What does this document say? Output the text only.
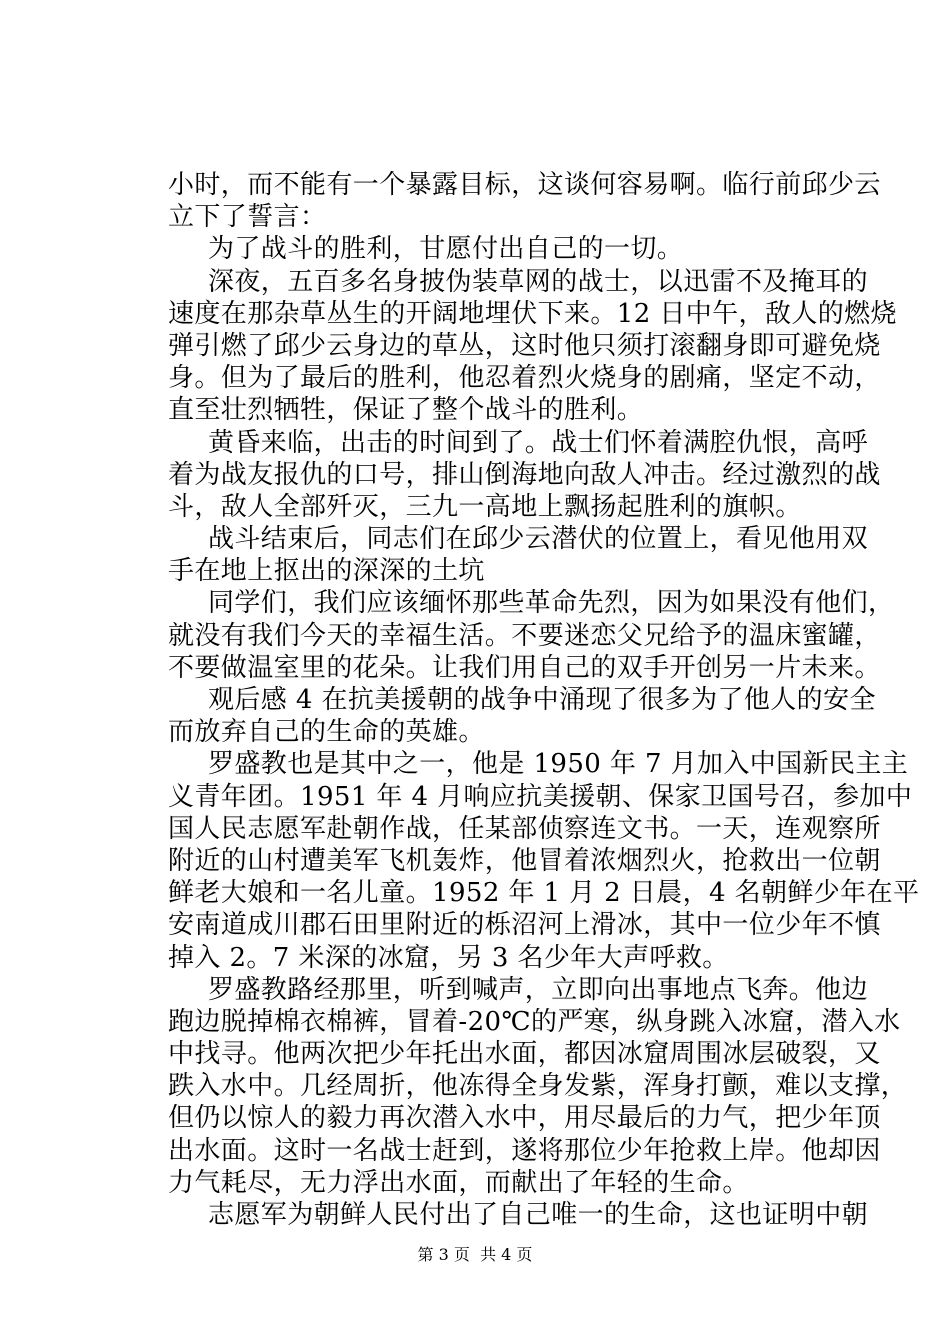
小时，而不能有一个暴露目标，这谈何容易啊。临行前邱少云
立下了誓言：
为了战斗的胜利，甘愿付出自己的一切。
深夜，五百多名身披伪装草网的战士，以迅雷不及掩耳的
速度在那杂草丛生的开阔地埋伏下来。12 日中午，敌人的燃烧
弹引燃了邱少云身边的草丛，这时他只须打滚翻身即可避免烧
身。但为了最后的胜利，他忍着烈火烧身的剧痛，坚定不动，
直至壮烈牺牲，保证了整个战斗的胜利。
黄昏来临，出击的时间到了。战士们怀着满腔仇恨，高呼
着为战友报仇的口号，排山倒海地向敌人冲击。经过激烈的战
斗，敌人全部歼灭，三九一高地上飘扬起胜利的旗帜。
战斗结束后，同志们在邱少云潜伏的位置上，看见他用双
手在地上抠出的深深的土坑
同学们，我们应该缅怀那些革命先烈，因为如果没有他们，
就没有我们今天的幸福生活。不要迷恋父兄给予的温床蜜罐，
不要做温室里的花朵。让我们用自己的双手开创另一片未来。
观后感 4 在抗美援朝的战争中涌现了很多为了他人的安全
而放弃自己的生命的英雄。
罗盛教也是其中之一，他是 1950 年 7 月加入中国新民主主
义青年团。1951 年 4 月响应抗美援朝、保家卫国号召，参加中
国人民志愿军赴朝作战，任某部侦察连文书。一天，连观察所
附近的山村遭美军飞机轰炸，他冒着浓烟烈火，抢救出一位朝
鲜老大娘和一名儿童。1952 年 1 月 2 日晨，4 名朝鲜少年在平
安南道成川郡石田里附近的栎沼河上滑冰，其中一位少年不慎
掉入 2。7 米深的冰窟，另 3 名少年大声呼救。
罗盛教路经那里，听到喊声，立即向出事地点飞奔。他边
跑边脱掉棉衣棉裤，冒着-20℃的严寒，纵身跳入冰窟，潜入水
中找寻。他两次把少年托出水面，都因冰窟周围冰层破裂，又
跌入水中。几经周折，他冻得全身发紫，浑身打颤，难以支撑，
但仍以惊人的毅力再次潜入水中，用尽最后的力气，把少年顶
出水面。这时一名战士赶到，遂将那位少年抢救上岸。他却因
力气耗尽，无力浮出水面，而献出了年轻的生命。
志愿军为朝鲜人民付出了自己唯一的生命，这也证明中朝
第 3 页  共 4 页
